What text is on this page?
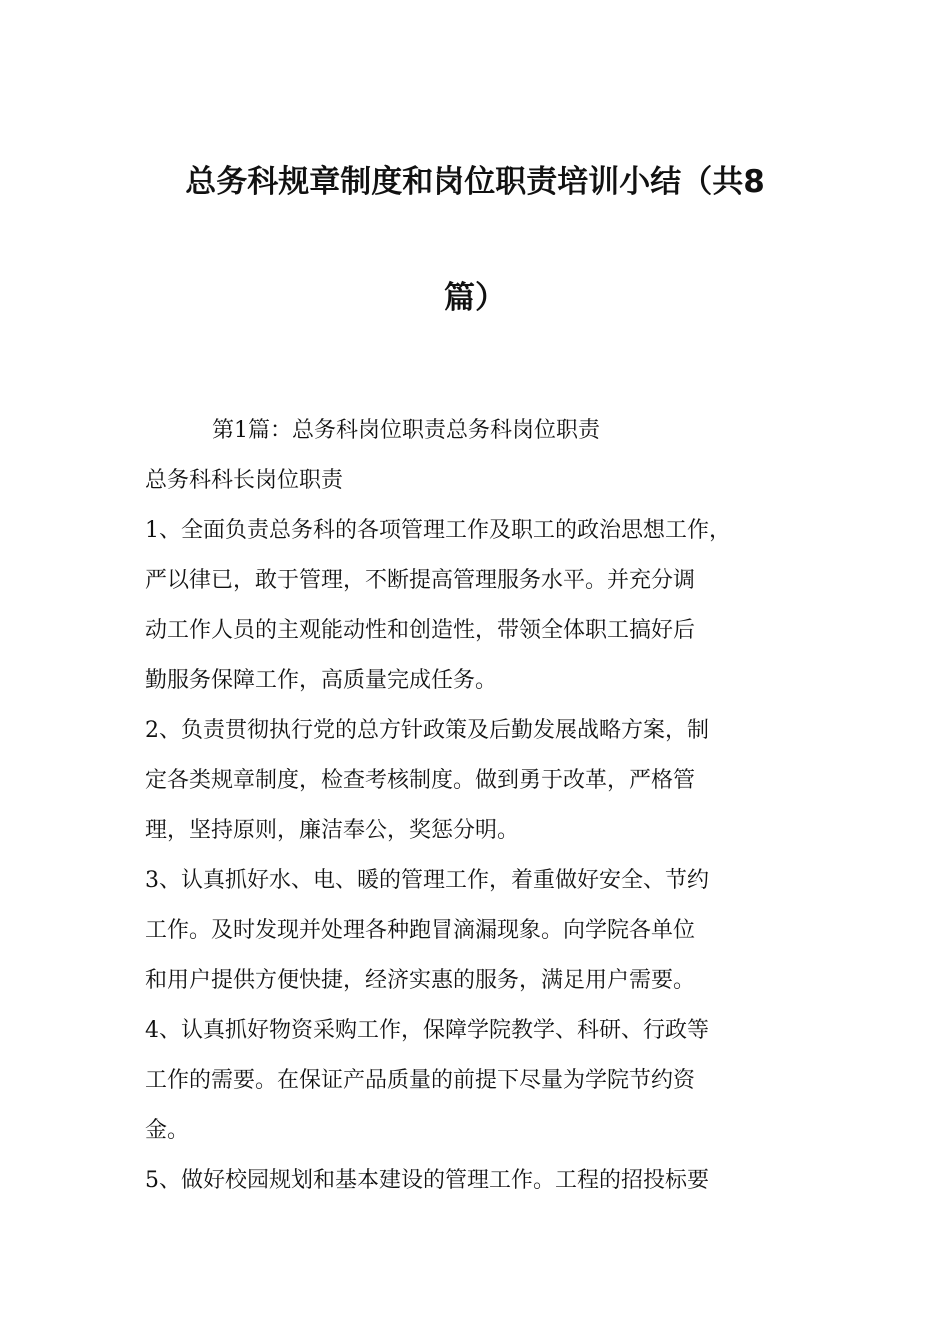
总务科规章制度和岗位职责培训小结（共8
篇）

第1篇：总务科岗位职责总务科岗位职责

总务科科长岗位职责

1、全面负责总务科的各项管理工作及职工的政治思想工作，

严以律已，敢于管理，不断提高管理服务水平。并充分调

动工作人员的主观能动性和创造性，带领全体职工搞好后

勤服务保障工作，高质量完成任务。

2、负责贯彻执行党的总方针政策及后勤发展战略方案，制

定各类规章制度，检查考核制度。做到勇于改革，严格管

理，坚持原则，廉洁奉公，奖惩分明。

3、认真抓好水、电、暖的管理工作，着重做好安全、节约

工作。及时发现并处理各种跑冒滴漏现象。向学院各单位

和用户提供方便快捷，经济实惠的服务，满足用户需要。

4、认真抓好物资采购工作，保障学院教学、科研、行政等

工作的需要。在保证产品质量的前提下尽量为学院节约资

金。

5、做好校园规划和基本建设的管理工作。工程的招投标要
